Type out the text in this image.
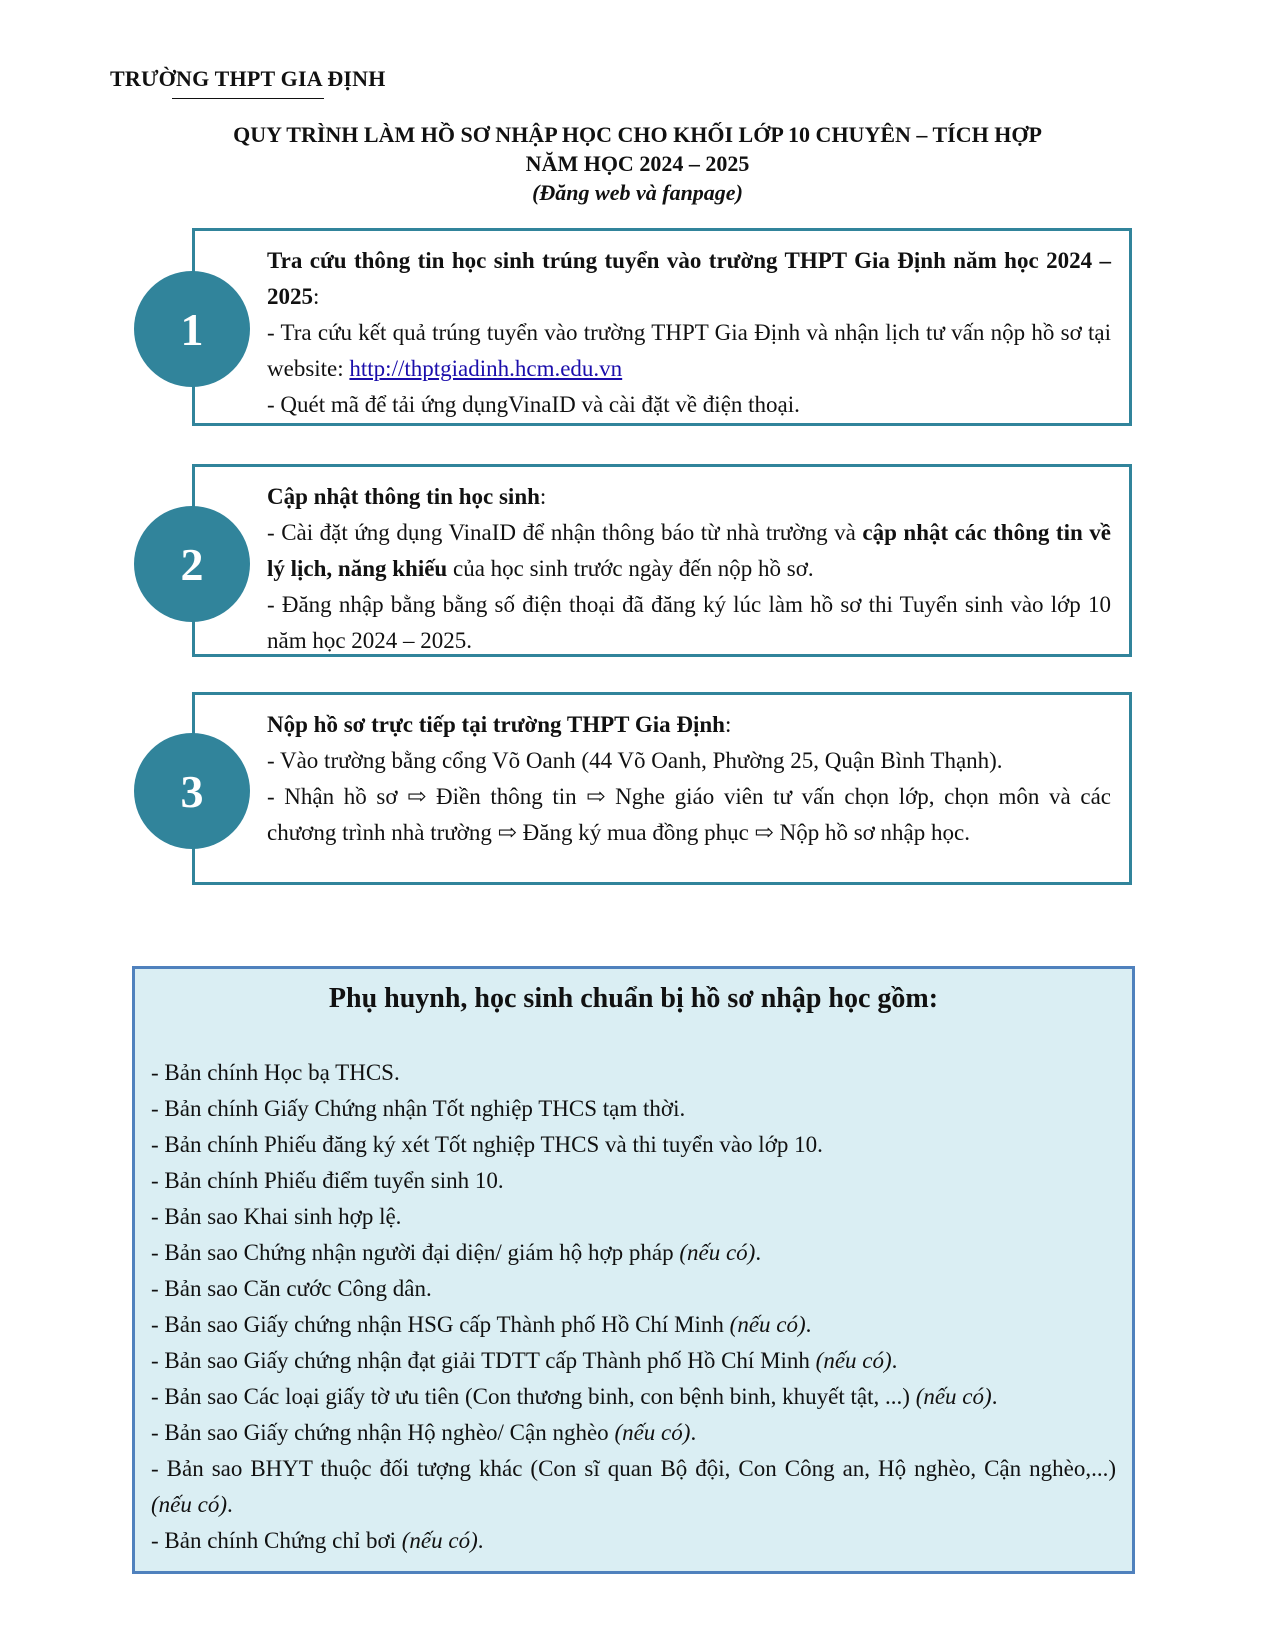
TRƯỜNG THPT GIA ĐỊNH
QUY TRÌNH LÀM HỒ SƠ NHẬP HỌC CHO KHỐI LỚP 10 CHUYÊN – TÍCH HỢP
NĂM HỌC 2024 – 2025
(Đăng web và fanpage)

Tra cứu thông tin học sinh trúng tuyển vào trường THPT Gia Định năm học 2024 – 2025:

- Tra cứu kết quả trúng tuyển vào trường THPT Gia Định và nhận lịch tư vấn nộp hồ sơ tại website: http://thptgiadinh.hcm.edu.vn

- Quét mã để tải ứng dụngVinaID và cài đặt về điện thoại.

1

Cập nhật thông tin học sinh:

- Cài đặt ứng dụng VinaID để nhận thông báo từ nhà trường và cập nhật các thông tin về lý lịch, năng khiếu của học sinh trước ngày đến nộp hồ sơ.

- Đăng nhập bằng bằng số điện thoại đã đăng ký lúc làm hồ sơ thi Tuyển sinh vào lớp 10 năm học 2024 – 2025.

2

Nộp hồ sơ trực tiếp tại trường THPT Gia Định:

- Vào trường bằng cổng Võ Oanh (44 Võ Oanh, Phường 25, Quận Bình Thạnh).

- Nhận hồ sơ ⇨ Điền thông tin ⇨ Nghe giáo viên tư vấn chọn lớp, chọn môn và các chương trình nhà trường ⇨ Đăng ký mua đồng phục ⇨ Nộp hồ sơ nhập học.

3
Phụ huynh, học sinh chuẩn bị hồ sơ nhập học gồm:
- Bản chính Học bạ THCS.
- Bản chính Giấy Chứng nhận Tốt nghiệp THCS tạm thời.
- Bản chính Phiếu đăng ký xét Tốt nghiệp THCS và thi tuyển vào lớp 10.
- Bản chính Phiếu điểm tuyển sinh 10.
- Bản sao Khai sinh hợp lệ.
- Bản sao Chứng nhận người đại diện/ giám hộ hợp pháp (nếu có).
- Bản sao Căn cước Công dân.
- Bản sao Giấy chứng nhận HSG cấp Thành phố Hồ Chí Minh (nếu có).
- Bản sao Giấy chứng nhận đạt giải TDTT cấp Thành phố Hồ Chí Minh (nếu có).
- Bản sao Các loại giấy tờ ưu tiên (Con thương binh, con bệnh binh, khuyết tật, ...) (nếu có).
- Bản sao Giấy chứng nhận Hộ nghèo/ Cận nghèo (nếu có).
- Bản sao BHYT thuộc đối tượng khác (Con sĩ quan Bộ đội, Con Công an, Hộ nghèo, Cận nghèo,...) (nếu có).
- Bản chính Chứng chỉ bơi (nếu có).
